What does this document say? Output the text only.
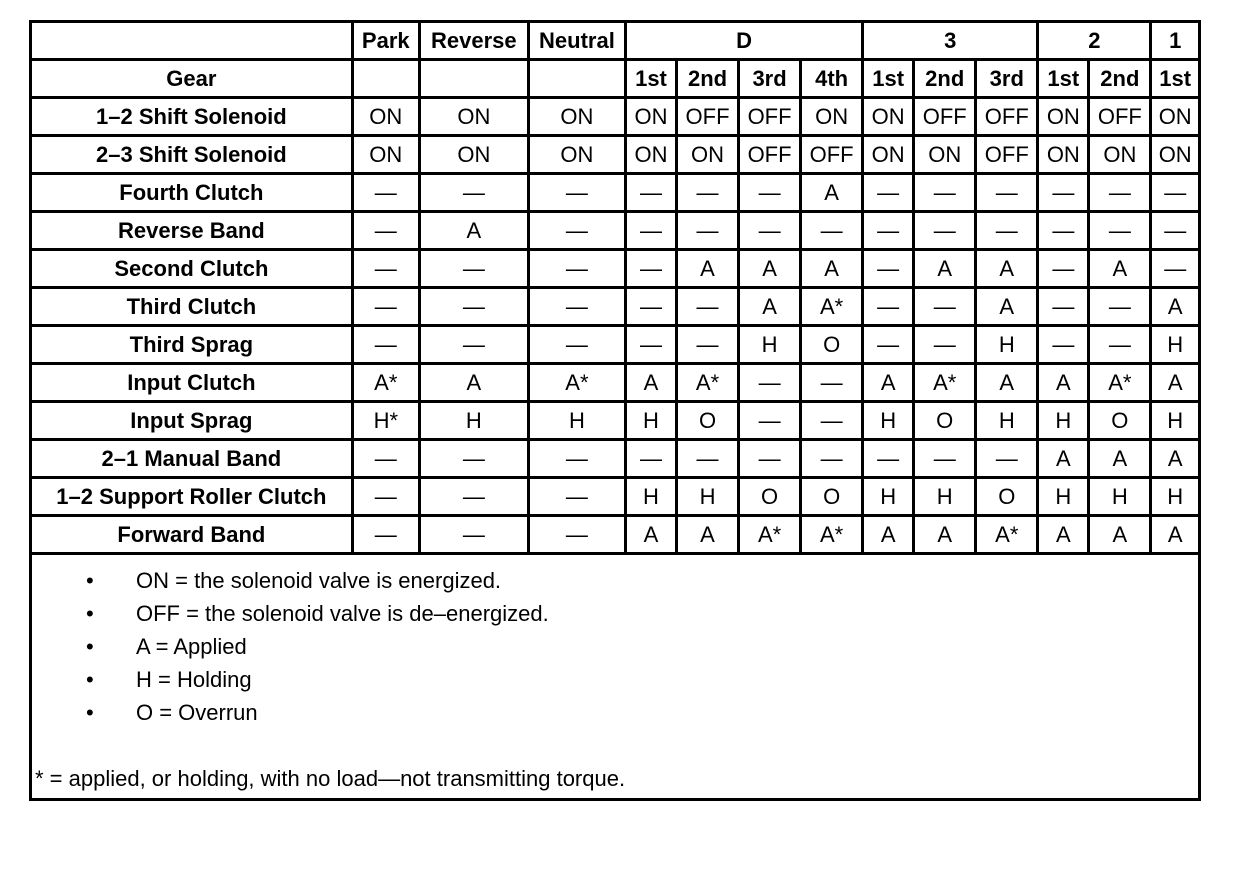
	Park	Reverse	Neutral	D				3			2		1
Gear				1st	2nd	3rd	4th	1st	2nd	3rd	1st	2nd	1st
1–2 Shift Solenoid	ON	ON	ON	ON	OFF	OFF	ON	ON	OFF	OFF	ON	OFF	ON
2–3 Shift Solenoid	ON	ON	ON	ON	ON	OFF	OFF	ON	ON	OFF	ON	ON	ON
Fourth Clutch	—	—	—	—	—	—	A	—	—	—	—	—	—
Reverse Band	—	A	—	—	—	—	—	—	—	—	—	—	—
Second Clutch	—	—	—	—	A	A	A	—	A	A	—	A	—
Third Clutch	—	—	—	—	—	A	A*	—	—	A	—	—	A
Third Sprag	—	—	—	—	—	H	O	—	—	H	—	—	H
Input Clutch	A*	A	A*	A	A*	—	—	A	A*	A	A	A*	A
Input Sprag	H*	H	H	H	O	—	—	H	O	H	H	O	H
2–1 Manual Band	—	—	—	—	—	—	—	—	—	—	A	A	A
1–2 Support Roller Clutch	—	—	—	H	H	O	O	H	H	O	H	H	H
Forward Band	—	—	—	A	A	A*	A*	A	A	A*	A	A	A
• ON = the solenoid valve is energized.
• OFF = the solenoid valve is de–energized.
• A = Applied
• H = Holding
• O = Overrun
* = applied, or holding, with no load—not transmitting torque.
